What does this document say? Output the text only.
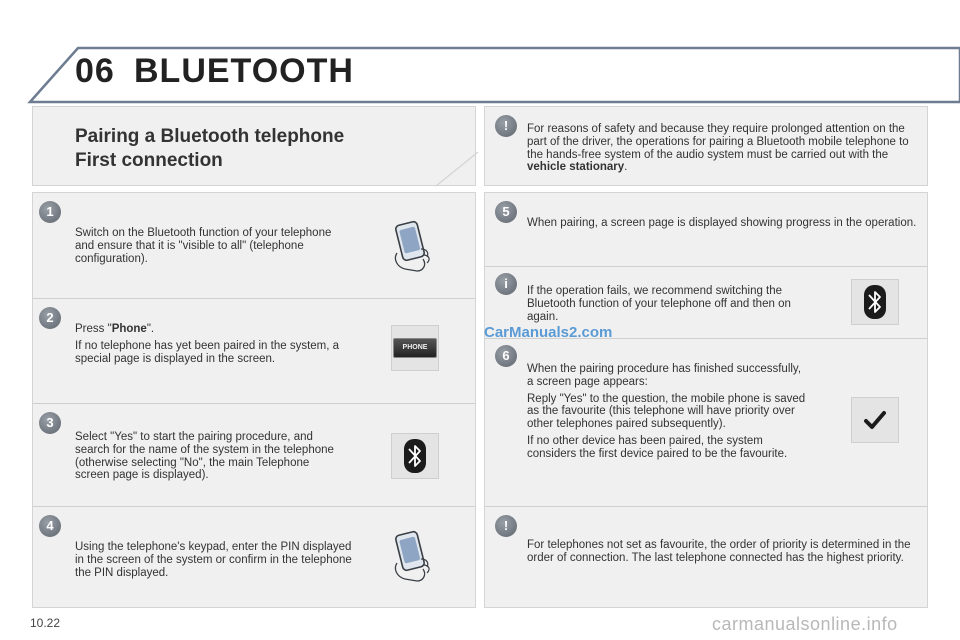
06 BLUETOOTH
Pairing a Bluetooth telephone
First connection
!	For reasons of safety and because they require prolonged attention on the part of the driver, the operations for pairing a Bluetooth mobile telephone to the hands-free system of the audio system must be carried out with the vehicle stationary.
1

Switch on the Bluetooth function of your telephone and ensure that it is "visible to all" (telephone configuration).

2

Press "Phone".

If no telephone has yet been paired in the system, a special page is displayed in the screen.

PHONE
3

Select "Yes" to start the pairing procedure, and search for the name of the system in the telephone (otherwise selecting "No", the main Telephone screen page is displayed).

4

Using the telephone's keypad, enter the PIN displayed in the screen of the system or confirm in the telephone the PIN displayed.

5

When pairing, a screen page is displayed showing progress in the operation.

i	If the operation fails, we recommend switching the Bluetooth function of your telephone off and then on again.

6

When the pairing procedure has finished successfully, a screen page appears:

Reply "Yes" to the question, the mobile phone is saved as the favourite (this telephone will have priority over other telephones paired subsequently).

If no other device has been paired, the system considers the first device paired to be the favourite.

!

For telephones not set as favourite, the order of priority is determined in the order of connection. The last telephone connected has the highest priority.

CarManuals2.com
10.22	carmanualsonline.info
